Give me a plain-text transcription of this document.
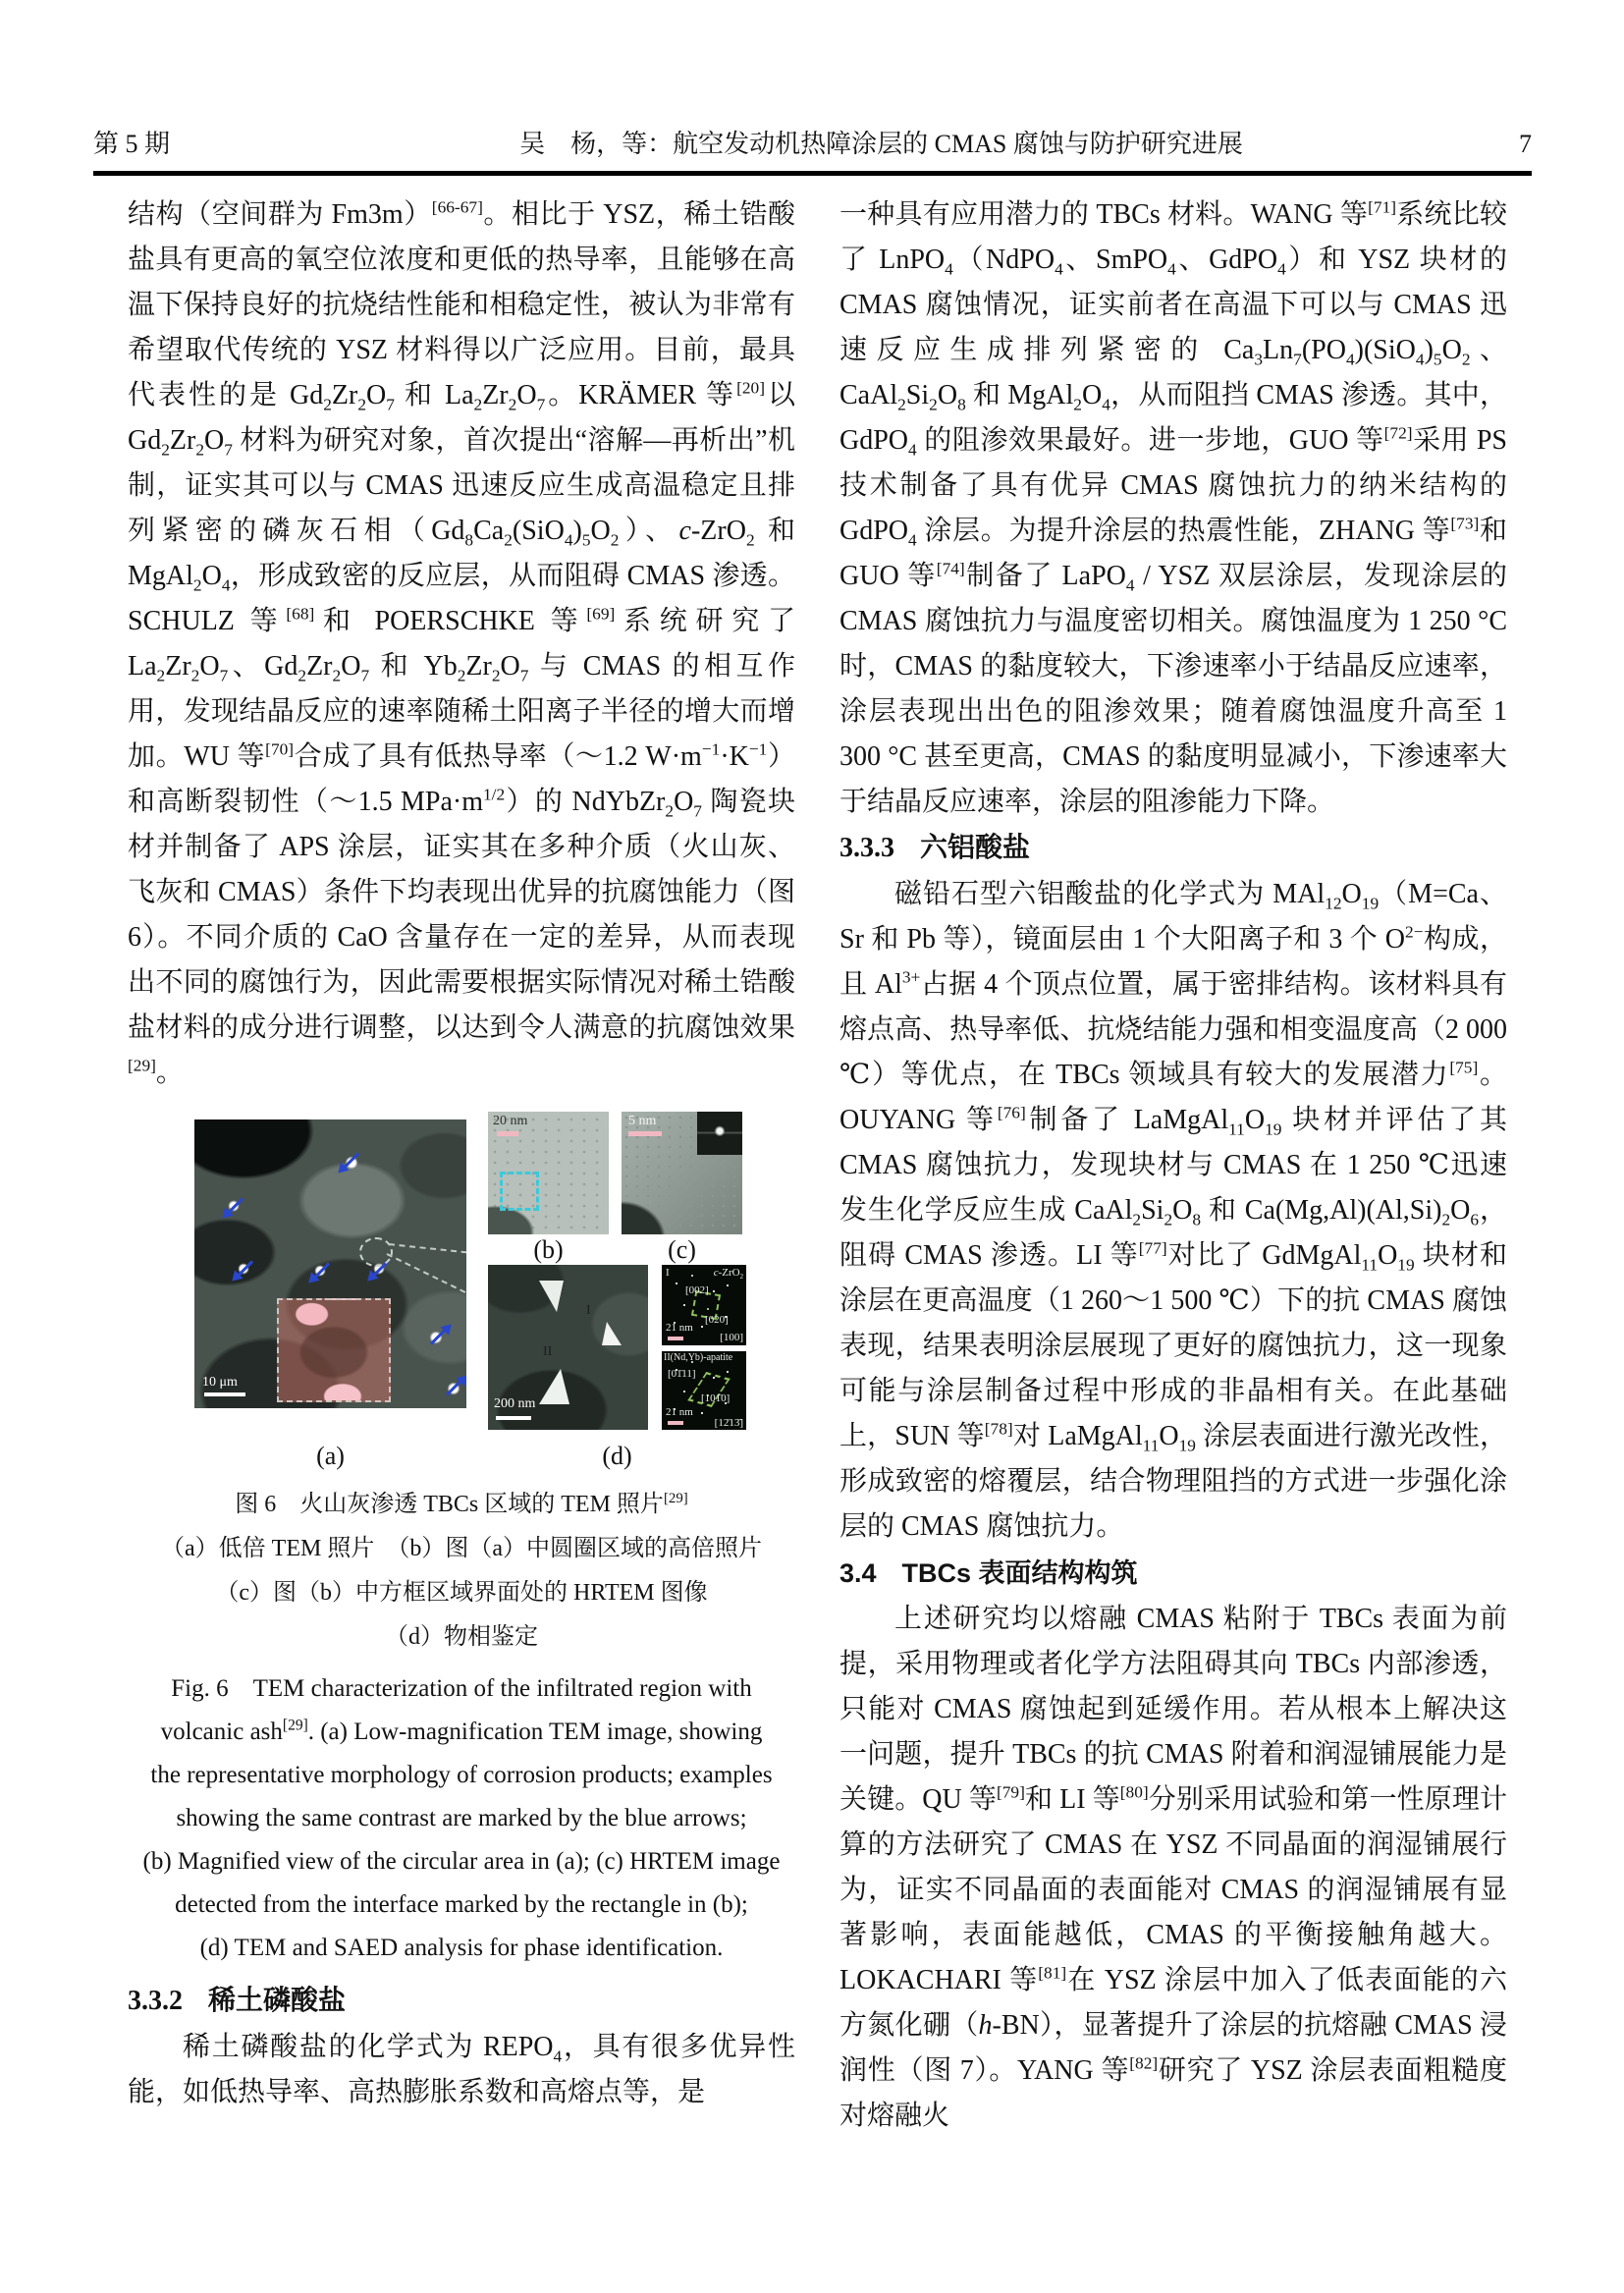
第 5 期	吴　杨，等：航空发动机热障涂层的 CMAS 腐蚀与防护研究进展	7

结构（空间群为 Fm3m）[66-67]。相比于 YSZ，稀土锆酸盐具有更高的氧空位浓度和更低的热导率，且能够在高温下保持良好的抗烧结性能和相稳定性，被认为非常有希望取代传统的 YSZ 材料得以广泛应用。目前，最具代表性的是 $Gd_2Zr_2O_7$ 和 $La_2Zr_2O_7$。KRÄMER 等[20]以 $Gd_2Zr_2O_7$ 材料为研究对象，首次提出“溶解—再析出”机制，证实其可以与 CMAS 迅速反应生成高温稳定且排列紧密的磷灰石相$(Gd_8Ca_2(SiO_4)_5O_2)$、c-ZrO$_2$ 和 $MgAl_2O_4$，形成致密的反应层，从而阻碍 CMAS 渗透。SCHULZ 等[68]和 POERSCHKE 等[69]系统研究了 $La_2Zr_2O_7$、$Gd_2Zr_2O_7$ 和 $Yb_2Zr_2O_7$ 与 CMAS 的相互作用，发现结晶反应的速率随稀土阳离子半径的增大而增加。WU 等[70]合成了具有低热导率（～1.2 $W\cdot m^{-1}\cdot K^{-1}$）和高断裂韧性（～1.5 $MPa\cdot m^{1/2}$）的 $NdYbZr_2O_7$ 陶瓷块材并制备了 APS 涂层，证实其在多种介质（火山灰、飞灰和 CMAS）条件下均表现出优异的抗腐蚀能力（图 6）。不同介质的 CaO 含量存在一定的差异，从而表现出不同的腐蚀行为，因此需要根据实际情况对稀土锆酸盐材料的成分进行调整，以达到令人满意的抗腐蚀效果[29]。

10 μm
20 nm	5 nm
(b)	(c)
I
II
200 nm
I	c-ZrO$_2$
[002]
[020]
[100]
21 nm
II(Nd,Yb)-apatite
[01̄11]
[101̄0]
[12̄13̄]
21 nm
(a)	(d)
图 6　火山灰渗透 TBCs 区域的 TEM 照片[29]
（a）低倍 TEM 照片　（b）图（a）中圆圈区域的高倍照片
（c）图（b）中方框区域界面处的 HRTEM 图像
（d）物相鉴定
Fig. 6　TEM characterization of the infiltrated region with
volcanic ash[29]. (a) Low-magnification TEM image, showing
the representative morphology of corrosion products; examples
showing the same contrast are marked by the blue arrows;
(b) Magnified view of the circular area in (a); (c) HRTEM image
detected from the interface marked by the rectangle in (b);
(d) TEM and SAED analysis for phase identification.
3.3.2 稀土磷酸盐

稀土磷酸盐的化学式为 $REPO_4$，具有很多优异性能，如低热导率、高热膨胀系数和高熔点等，是

一种具有应用潜力的 TBCs 材料。WANG 等[71]系统比较了 LnPO$_4$（NdPO$_4$、SmPO$_4$、GdPO$_4$）和 YSZ 块材的 CMAS 腐蚀情况，证实前者在高温下可以与 CMAS 迅速反应生成排列紧密的 $Ca_3Ln_7(PO_4)(SiO_4)_5O_2$、$CaAl_2Si_2O_8$ 和 $MgAl_2O_4$，从而阻挡 CMAS 渗透。其中，GdPO$_4$ 的阻渗效果最好。进一步地，GUO 等[72]采用 PS 技术制备了具有优异 CMAS 腐蚀抗力的纳米结构的 GdPO$_4$ 涂层。为提升涂层的热震性能，ZHANG 等[73]和 GUO 等[74]制备了 LaPO$_4$ / YSZ 双层涂层，发现涂层的 CMAS 腐蚀抗力与温度密切相关。腐蚀温度为 1 250 °C 时，CMAS 的黏度较大，下渗速率小于结晶反应速率，涂层表现出出色的阻渗效果；随着腐蚀温度升高至 1 300 °C 甚至更高，CMAS 的黏度明显减小，下渗速率大于结晶反应速率，涂层的阻渗能力下降。

3.3.3 六铝酸盐

磁铅石型六铝酸盐的化学式为 $MAl_{12}O_{19}(M=Ca$、Sr 和 Pb 等），镜面层由 1 个大阳离子和 3 个 $O^{2-}$构成，且 $Al^{3+}$占据 4 个顶点位置，属于密排结构。该材料具有熔点高、热导率低、抗烧结能力强和相变温度高（2 000 ℃）等优点，在 TBCs 领域具有较大的发展潜力[75]。OUYANG 等[76]制备了 $LaMgAl_{11}O_{19}$ 块材并评估了其 CMAS 腐蚀抗力，发现块材与 CMAS 在 1 250 ℃迅速发生化学反应生成 $CaAl_2Si_2O_8$ 和 $Ca(Mg,Al)(Al,Si)_2O_6$，阻碍 CMAS 渗透。LI 等[77]对比了 $GdMgAl_{11}O_{19}$ 块材和涂层在更高温度（1 260～1 500 ℃）下的抗 CMAS 腐蚀表现，结果表明涂层展现了更好的腐蚀抗力，这一现象可能与涂层制备过程中形成的非晶相有关。在此基础上，SUN 等[78]对 $LaMgAl_{11}O_{19}$ 涂层表面进行激光改性，形成致密的熔覆层，结合物理阻挡的方式进一步强化涂层的 CMAS 腐蚀抗力。

3.4 TBCs 表面结构构筑

上述研究均以熔融 CMAS 粘附于 TBCs 表面为前提，采用物理或者化学方法阻碍其向 TBCs 内部渗透，只能对 CMAS 腐蚀起到延缓作用。若从根本上解决这一问题，提升 TBCs 的抗 CMAS 附着和润湿铺展能力是关键。QU 等[79]和 LI 等[80]分别采用试验和第一性原理计算的方法研究了 CMAS 在 YSZ 不同晶面的润湿铺展行为，证实不同晶面的表面能对 CMAS 的润湿铺展有显著影响，表面能越低，CMAS 的平衡接触角越大。LOKACHARI 等[81]在 YSZ 涂层中加入了低表面能的六方氮化硼（h-BN），显著提升了涂层的抗熔融 CMAS 浸润性（图 7）。YANG 等[82]研究了 YSZ 涂层表面粗糙度对熔融火
